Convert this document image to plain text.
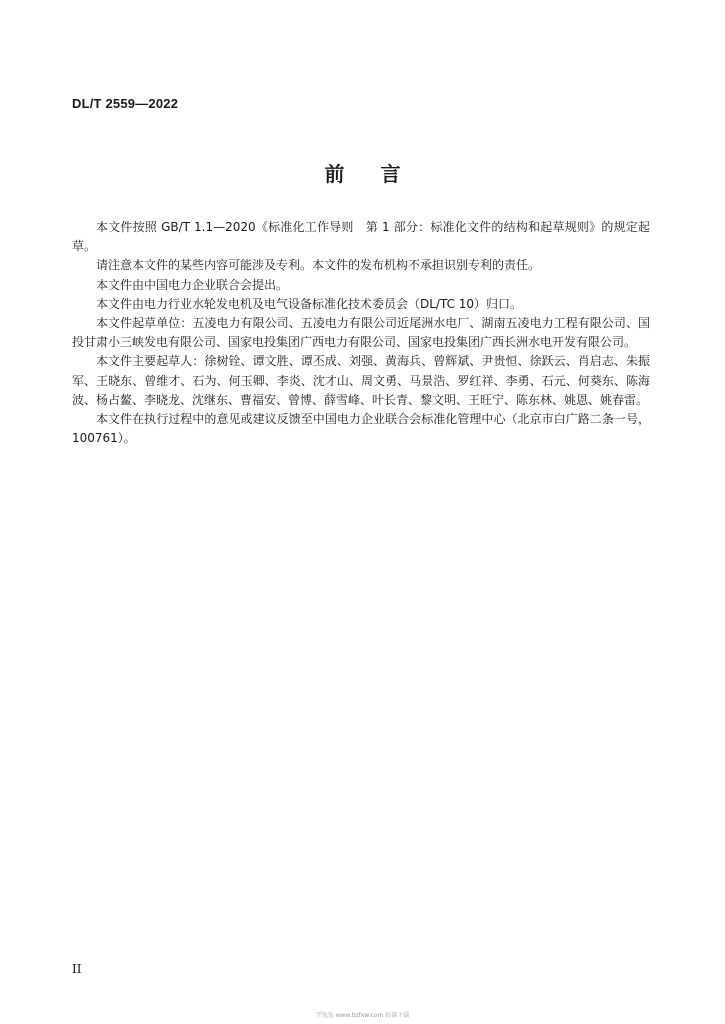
DL/T 2559—2022
前 言

本文件按照 GB/T 1.1—2020《标准化工作导则　第 1 部分：标准化文件的结构和起草规则》的规定起草。

请注意本文件的某些内容可能涉及专利。本文件的发布机构不承担识别专利的责任。

本文件由中国电力企业联合会提出。

本文件由电力行业水轮发电机及电气设备标准化技术委员会（DL/TC 10）归口。

本文件起草单位：五凌电力有限公司、五凌电力有限公司近尾洲水电厂、湖南五凌电力工程有限公司、国投甘肃小三峡发电有限公司、国家电投集团广西电力有限公司、国家电投集团广西长洲水电开发有限公司。

本文件主要起草人：徐树铨、谭文胜、谭丕成、刘强、黄海兵、曾辉斌、尹贵恒、徐跃云、肖启志、朱振军、王晓东、曾维才、石为、何玉卿、李炎、沈才山、周文勇、马景浩、罗红祥、李勇、石元、何葵东、陈海波、杨占鳌、李晓龙、沈继东、曹福安、曾博、薛雪峰、叶长青、黎文明、王旺宁、陈东林、姚恩、姚春雷。

本文件在执行过程中的意见或建议反馈至中国电力企业联合会标准化管理中心（北京市白广路二条一号，100761）。

II
学兔兔 www.bzfxw.com 标准下载
